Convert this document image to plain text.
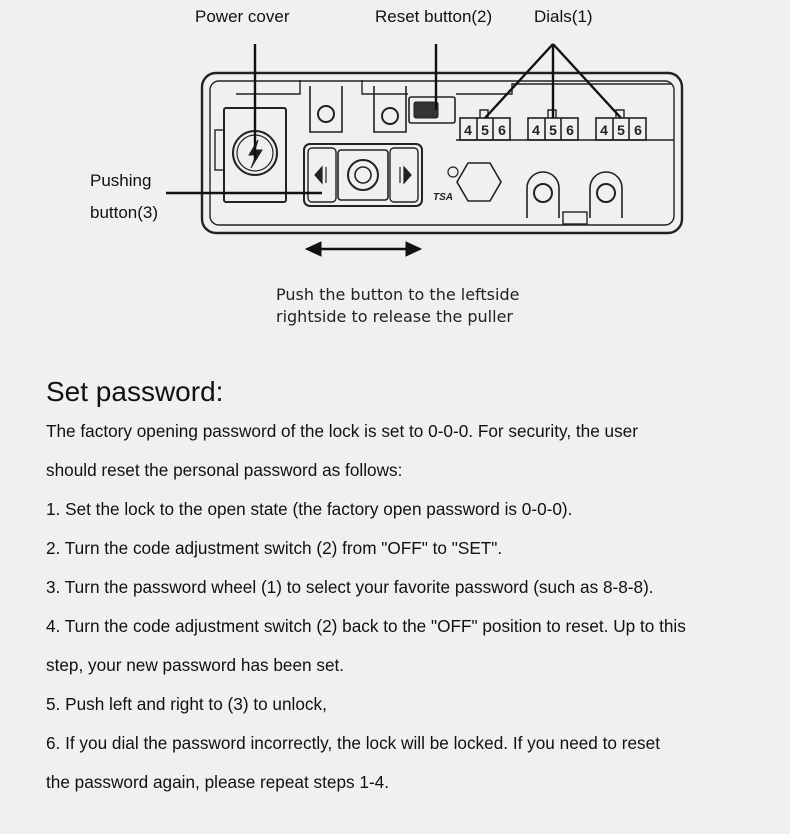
4 5 6 4 5 6 4 5 6
TSA
Power cover	Reset button(2) Dials(1)
Pushing
button(3)
Push the button to the leftside
rightside to release the puller
Set password:

The factory opening password of the lock is set to 0-0-0. For security, the user

should reset the personal password as follows:

1. Set the lock to the open state (the factory open password is 0-0-0).

2. Turn the code adjustment switch (2) from "OFF" to "SET".

3. Turn the password wheel (1) to select your favorite password (such as 8-8-8).

4. Turn the code adjustment switch (2) back to the "OFF" position to reset. Up to this

step, your new password has been set.

5. Push left and right to (3) to unlock,

6. If you dial the password incorrectly, the lock will be locked. If you need to reset

the password again, please repeat steps 1-4.
